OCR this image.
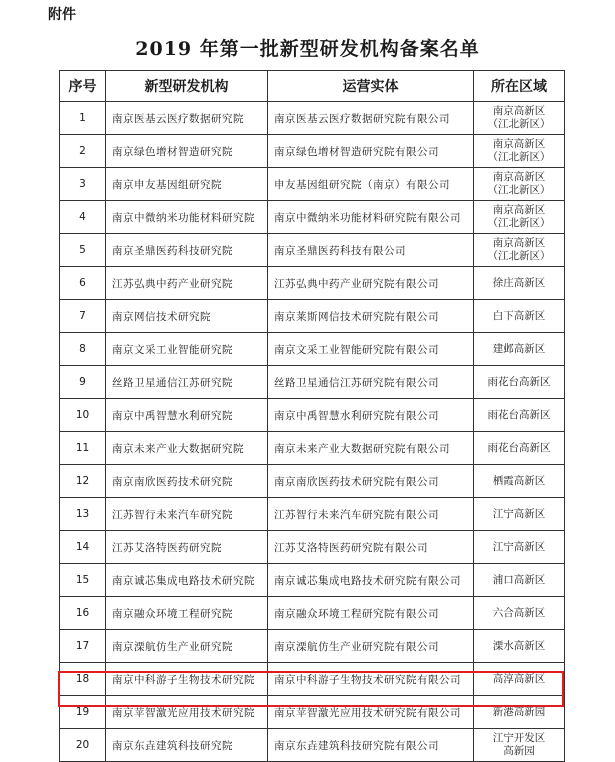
附件
2019 年第一批新型研发机构备案名单
序号	新型研发机构	运营实体	所在区域
1	南京医基云医疗数据研究院	南京医基云医疗数据研究院有限公司	南京高新区
（江北新区）

2	南京绿色增材智造研究院	南京绿色增材智造研究院有限公司	南京高新区
（江北新区）

3	南京申友基因组研究院	申友基因组研究院（南京）有限公司	南京高新区
（江北新区）

4	南京中微纳米功能材料研究院	南京中微纳米功能材料研究院有限公司	南京高新区
（江北新区）

5	南京圣鼎医药科技研究院	南京圣鼎医药科技有限公司	南京高新区
（江北新区）

6	江苏弘典中药产业研究院	江苏弘典中药产业研究院有限公司	徐庄高新区

7	南京网信技术研究院	南京莱斯网信技术研究院有限公司	白下高新区

8	南京文采工业智能研究院	南京文采工业智能研究院有限公司	建邺高新区

9	丝路卫星通信江苏研究院	丝路卫星通信江苏研究院有限公司	雨花台高新区

10	南京中禹智慧水利研究院	南京中禹智慧水利研究院有限公司	雨花台高新区

11	南京未来产业大数据研究院	南京未来产业大数据研究院有限公司	雨花台高新区

12	南京南欣医药技术研究院	南京南欣医药技术研究院有限公司	栖霞高新区

13	江苏智行未来汽车研究院	江苏智行未来汽车研究院有限公司	江宁高新区

14	江苏艾洛特医药研究院	江苏艾洛特医药研究院有限公司	江宁高新区

15	南京诚芯集成电路技术研究院	南京诚芯集成电路技术研究院有限公司	浦口高新区

16	南京融众环境工程研究院	南京融众环境工程研究院有限公司	六合高新区

17	南京溧航仿生产业研究院	南京溧航仿生产业研究院有限公司	溧水高新区

18	南京中科游子生物技术研究院	南京中科游子生物技术研究院有限公司	高淳高新区

19	南京苹智激光应用技术研究院	南京苹智激光应用技术研究院有限公司	新港高新园

20	南京东垚建筑科技研究院	南京东垚建筑科技研究院有限公司	江宁开发区
高新园
